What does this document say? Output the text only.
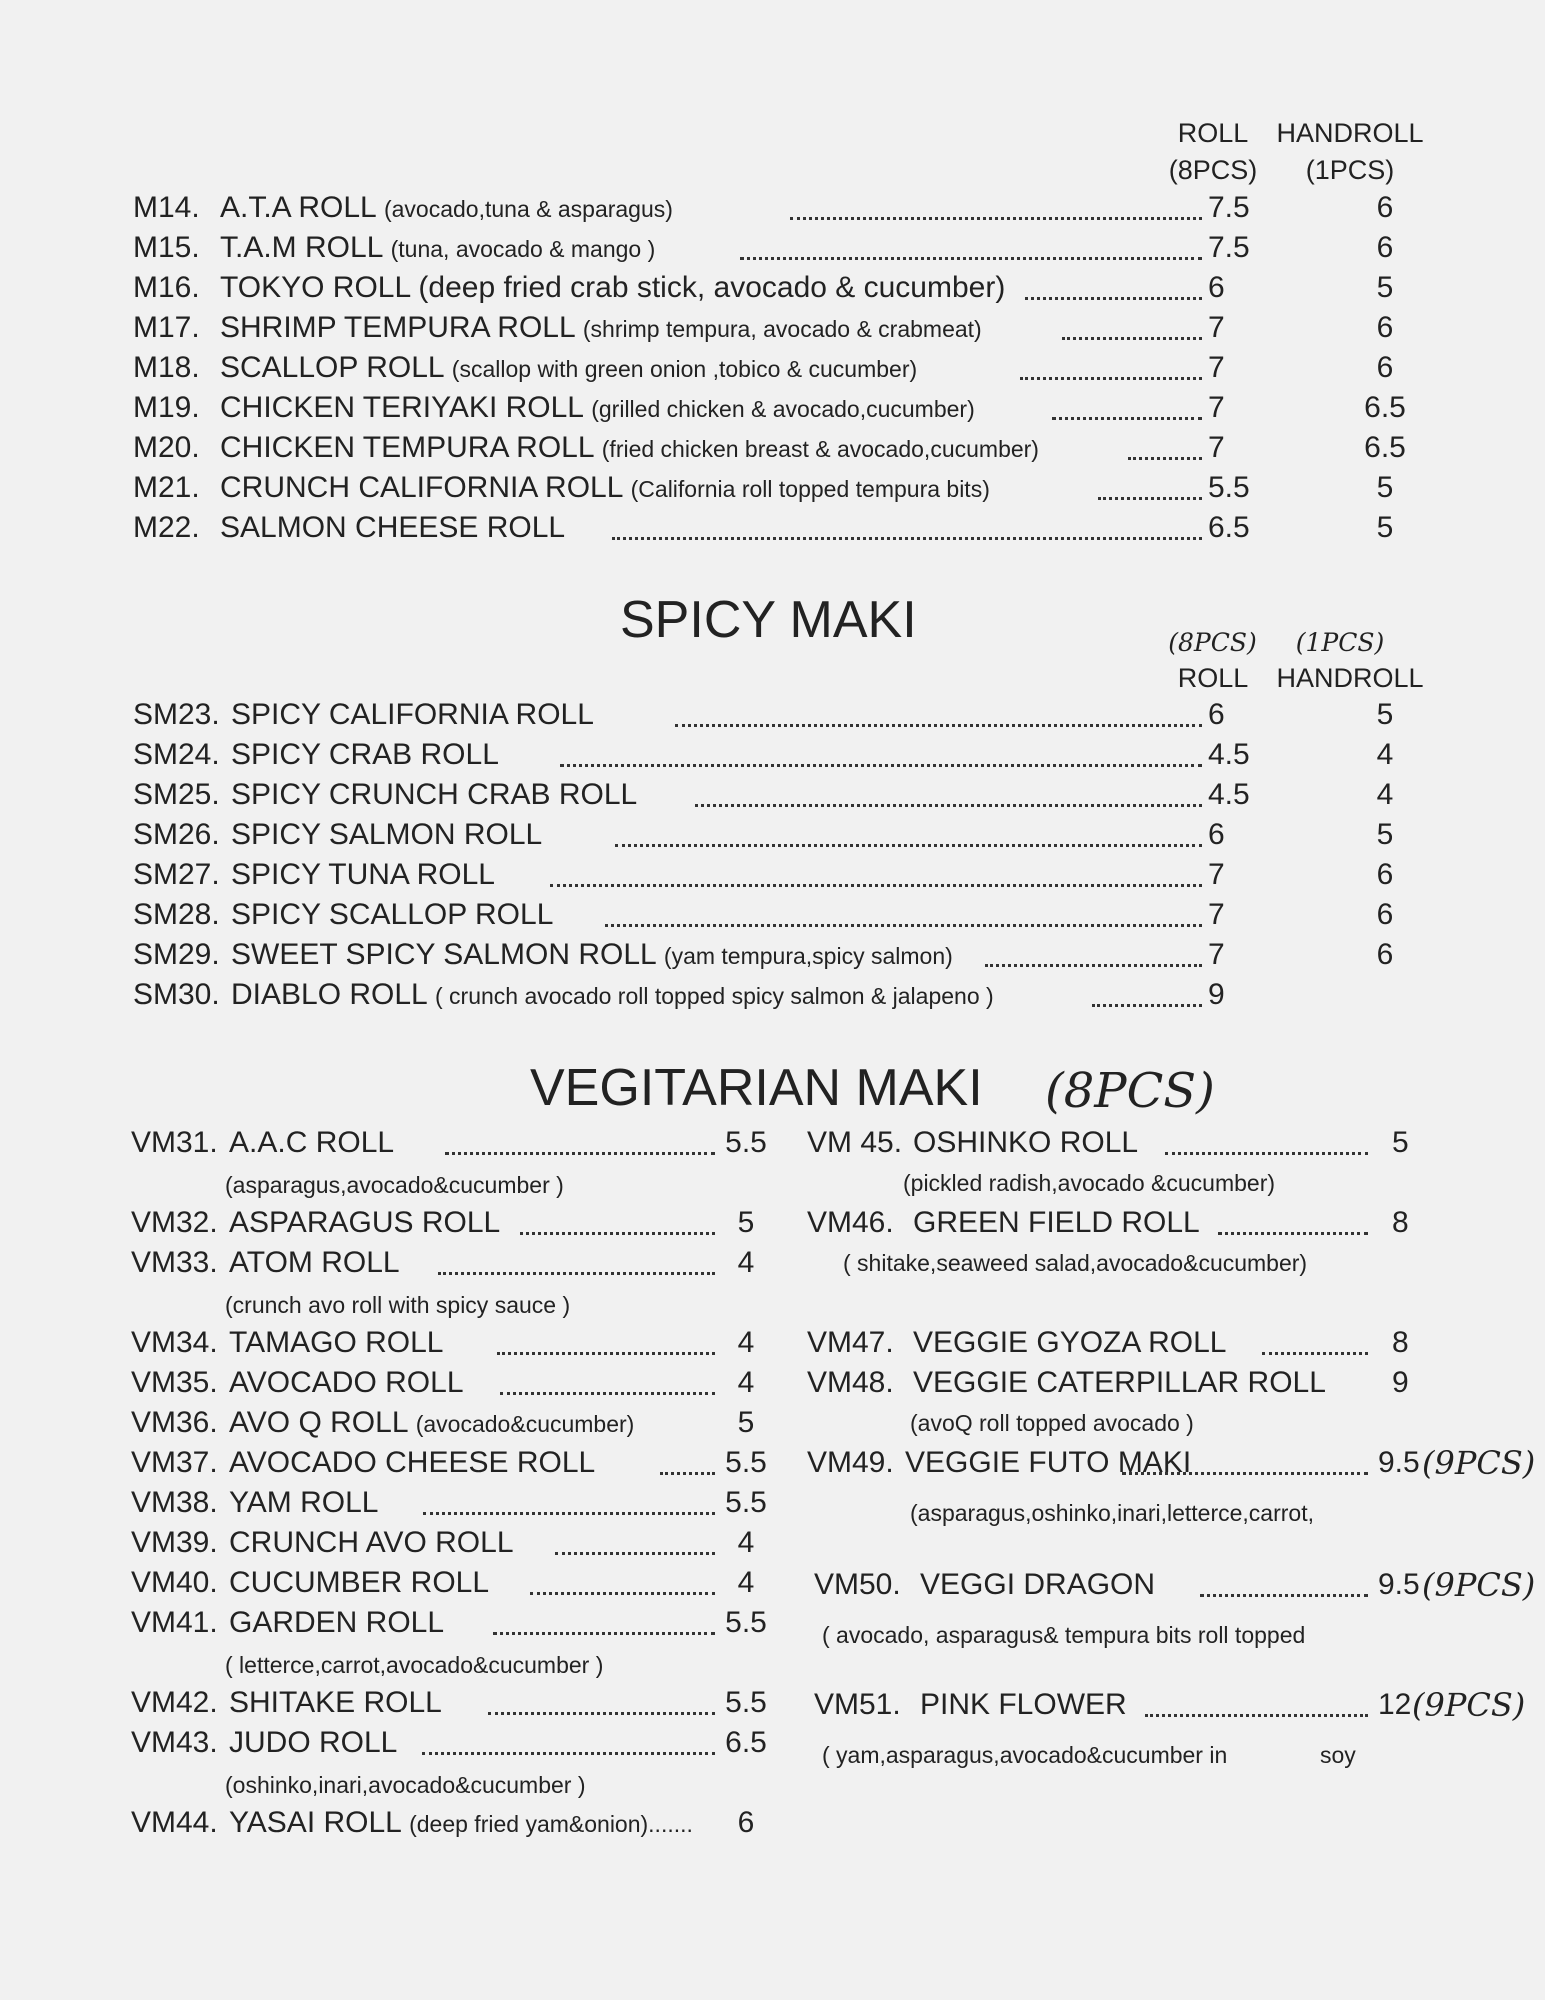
ROLL
(8PCS)
HANDROLL
(1PCS)
M14. A.T.A ROLL (avocado,tuna & asparagus)	7.5	6
M15. T.A.M ROLL (tuna, avocado & mango )	7.5	6
M16. TOKYO ROLL (deep fried crab stick, avocado & cucumber)	6	5
M17. SHRIMP TEMPURA ROLL (shrimp tempura, avocado & crabmeat)	7	6
M18. SCALLOP ROLL (scallop with green onion ,tobico & cucumber)	7	6
M19. CHICKEN TERIYAKI ROLL (grilled chicken & avocado,cucumber)	7	6.5
M20. CHICKEN TEMPURA ROLL (fried chicken breast & avocado,cucumber)	7	6.5
M21. CRUNCH CALIFORNIA ROLL (California roll topped tempura bits)	5.5	5
M22. SALMON CHEESE ROLL	6.5	5
SM23. SPICY CALIFORNIA ROLL	6	5
SM24. SPICY CRAB ROLL	4.5	4
SM25. SPICY CRUNCH CRAB ROLL	4.5	4
SM26. SPICY SALMON ROLL	6	5
SM27. SPICY TUNA ROLL	7	6
SM28. SPICY SCALLOP ROLL	7	6
SM29. SWEET SPICY SALMON ROLL (yam tempura,spicy salmon)	7	6
SM30. DIABLO ROLL ( crunch avocado roll topped spicy salmon & jalapeno )	9
VM31. A.A.C ROLL	5.5
(asparagus,avocado&cucumber )
VM32. ASPARAGUS ROLL	5
VM33. ATOM ROLL	4
(crunch avo roll with spicy sauce )
VM34. TAMAGO ROLL	4
VM35. AVOCADO ROLL	4
VM36. AVO Q ROLL (avocado&cucumber)	5
VM37. AVOCADO CHEESE ROLL	5.5
VM38. YAM ROLL	5.5
VM39. CRUNCH AVO ROLL	4
VM40. CUCUMBER ROLL	4
VM41. GARDEN ROLL	5.5
( letterce,carrot,avocado&cucumber )
VM42. SHITAKE ROLL	5.5
VM43. JUDO ROLL	6.5
(oshinko,inari,avocado&cucumber )
VM44. YASAI ROLL (deep fried yam&onion).......	6
VM 45. OSHINKO ROLL	5
(pickled radish,avocado &cucumber)
VM46. GREEN FIELD ROLL	8
( shitake,seaweed salad,avocado&cucumber)
VM47. VEGGIE GYOZA ROLL	8
VM48. VEGGIE CATERPILLAR ROLL 9
(avoQ roll topped avocado )
VM49. VEGGIE FUTO MAKI	9.5 (9PCS)
(asparagus,oshinko,inari,letterce,carrot,
VM50. VEGGI DRAGON	9.5 (9PCS)
( avocado, asparagus& tempura bits roll topped
VM51. PINK FLOWER	12 (9PCS)
( yam,asparagus,avocado&cucumber in	soy
SPICY MAKI	(8PCS) (1PCS)
ROLL	HANDROLL
VEGITARIAN MAKI (8PCS)
